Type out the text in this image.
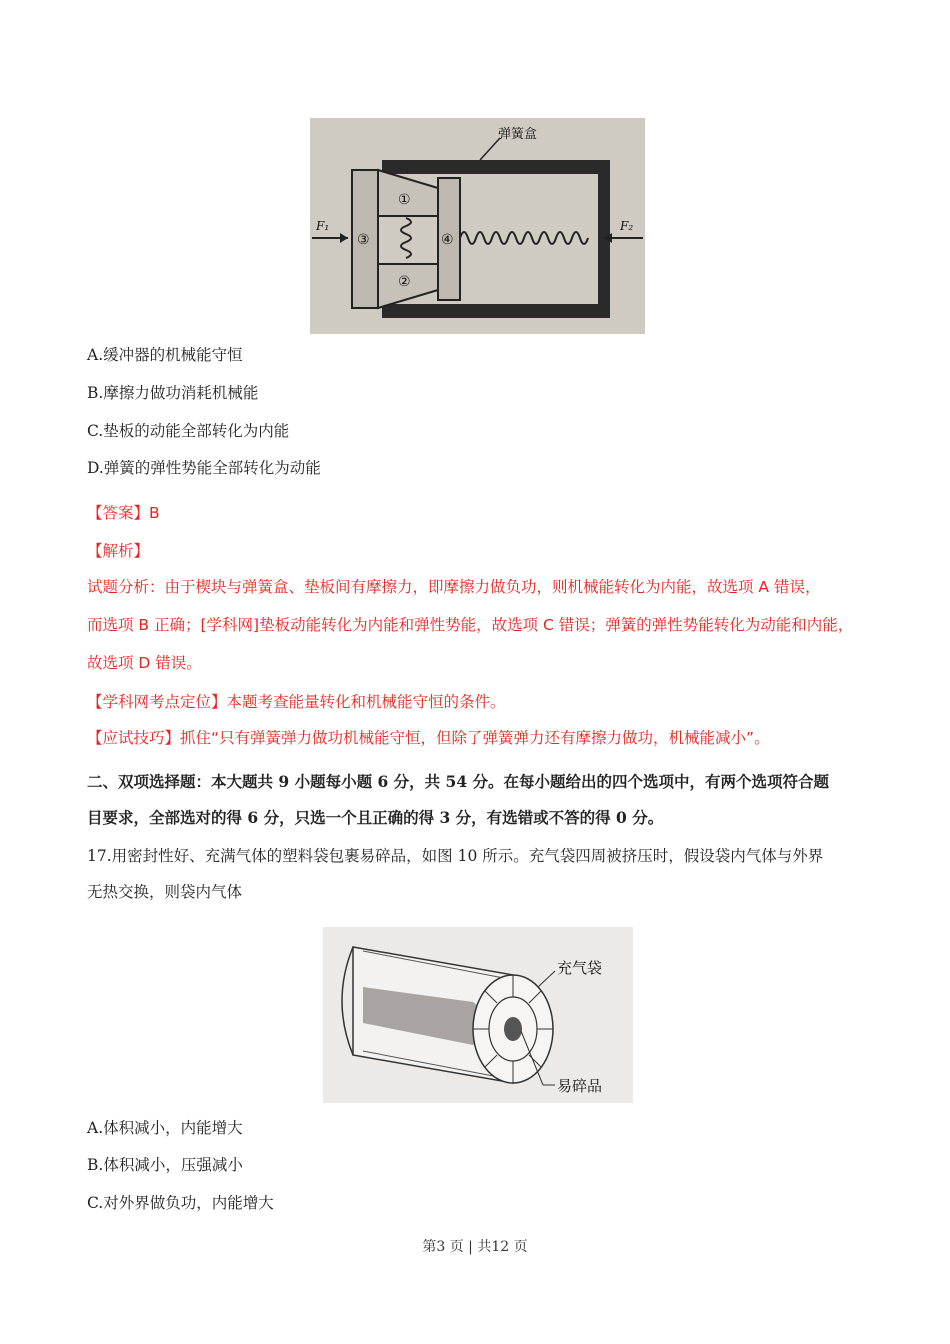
弹簧盒
F₁	F₂
①
②
③	④
A.缓冲器的机械能守恒
B.摩擦力做功消耗机械能
C.垫板的动能全部转化为内能
D.弹簧的弹性势能全部转化为动能
【答案】B
【解析】
试题分析：由于楔块与弹簧盒、垫板间有摩擦力，即摩擦力做负功，则机械能转化为内能，故选项 A 错误，
而选项 B 正确；[学科网]垫板动能转化为内能和弹性势能，故选项 C 错误；弹簧的弹性势能转化为动能和内能，
故选项 D 错误。
【学科网考点定位】本题考查能量转化和机械能守恒的条件。
【应试技巧】抓住“只有弹簧弹力做功机械能守恒，但除了弹簧弹力还有摩擦力做功，机械能减小”。
二、双项选择题：本大题共 9 小题每小题 6 分，共 54 分。在每小题给出的四个选项中，有两个选项符合题
目要求，全部选对的得 6 分，只选一个且正确的得 3 分，有选错或不答的得 0 分。
17.用密封性好、充满气体的塑料袋包裹易碎品，如图 10 所示。充气袋四周被挤压时，假设袋内气体与外界
无热交换，则袋内气体
充气袋
易碎品
A.体积减小，内能增大
B.体积减小，压强减小
C.对外界做负功，内能增大
第3 页 | 共12 页
